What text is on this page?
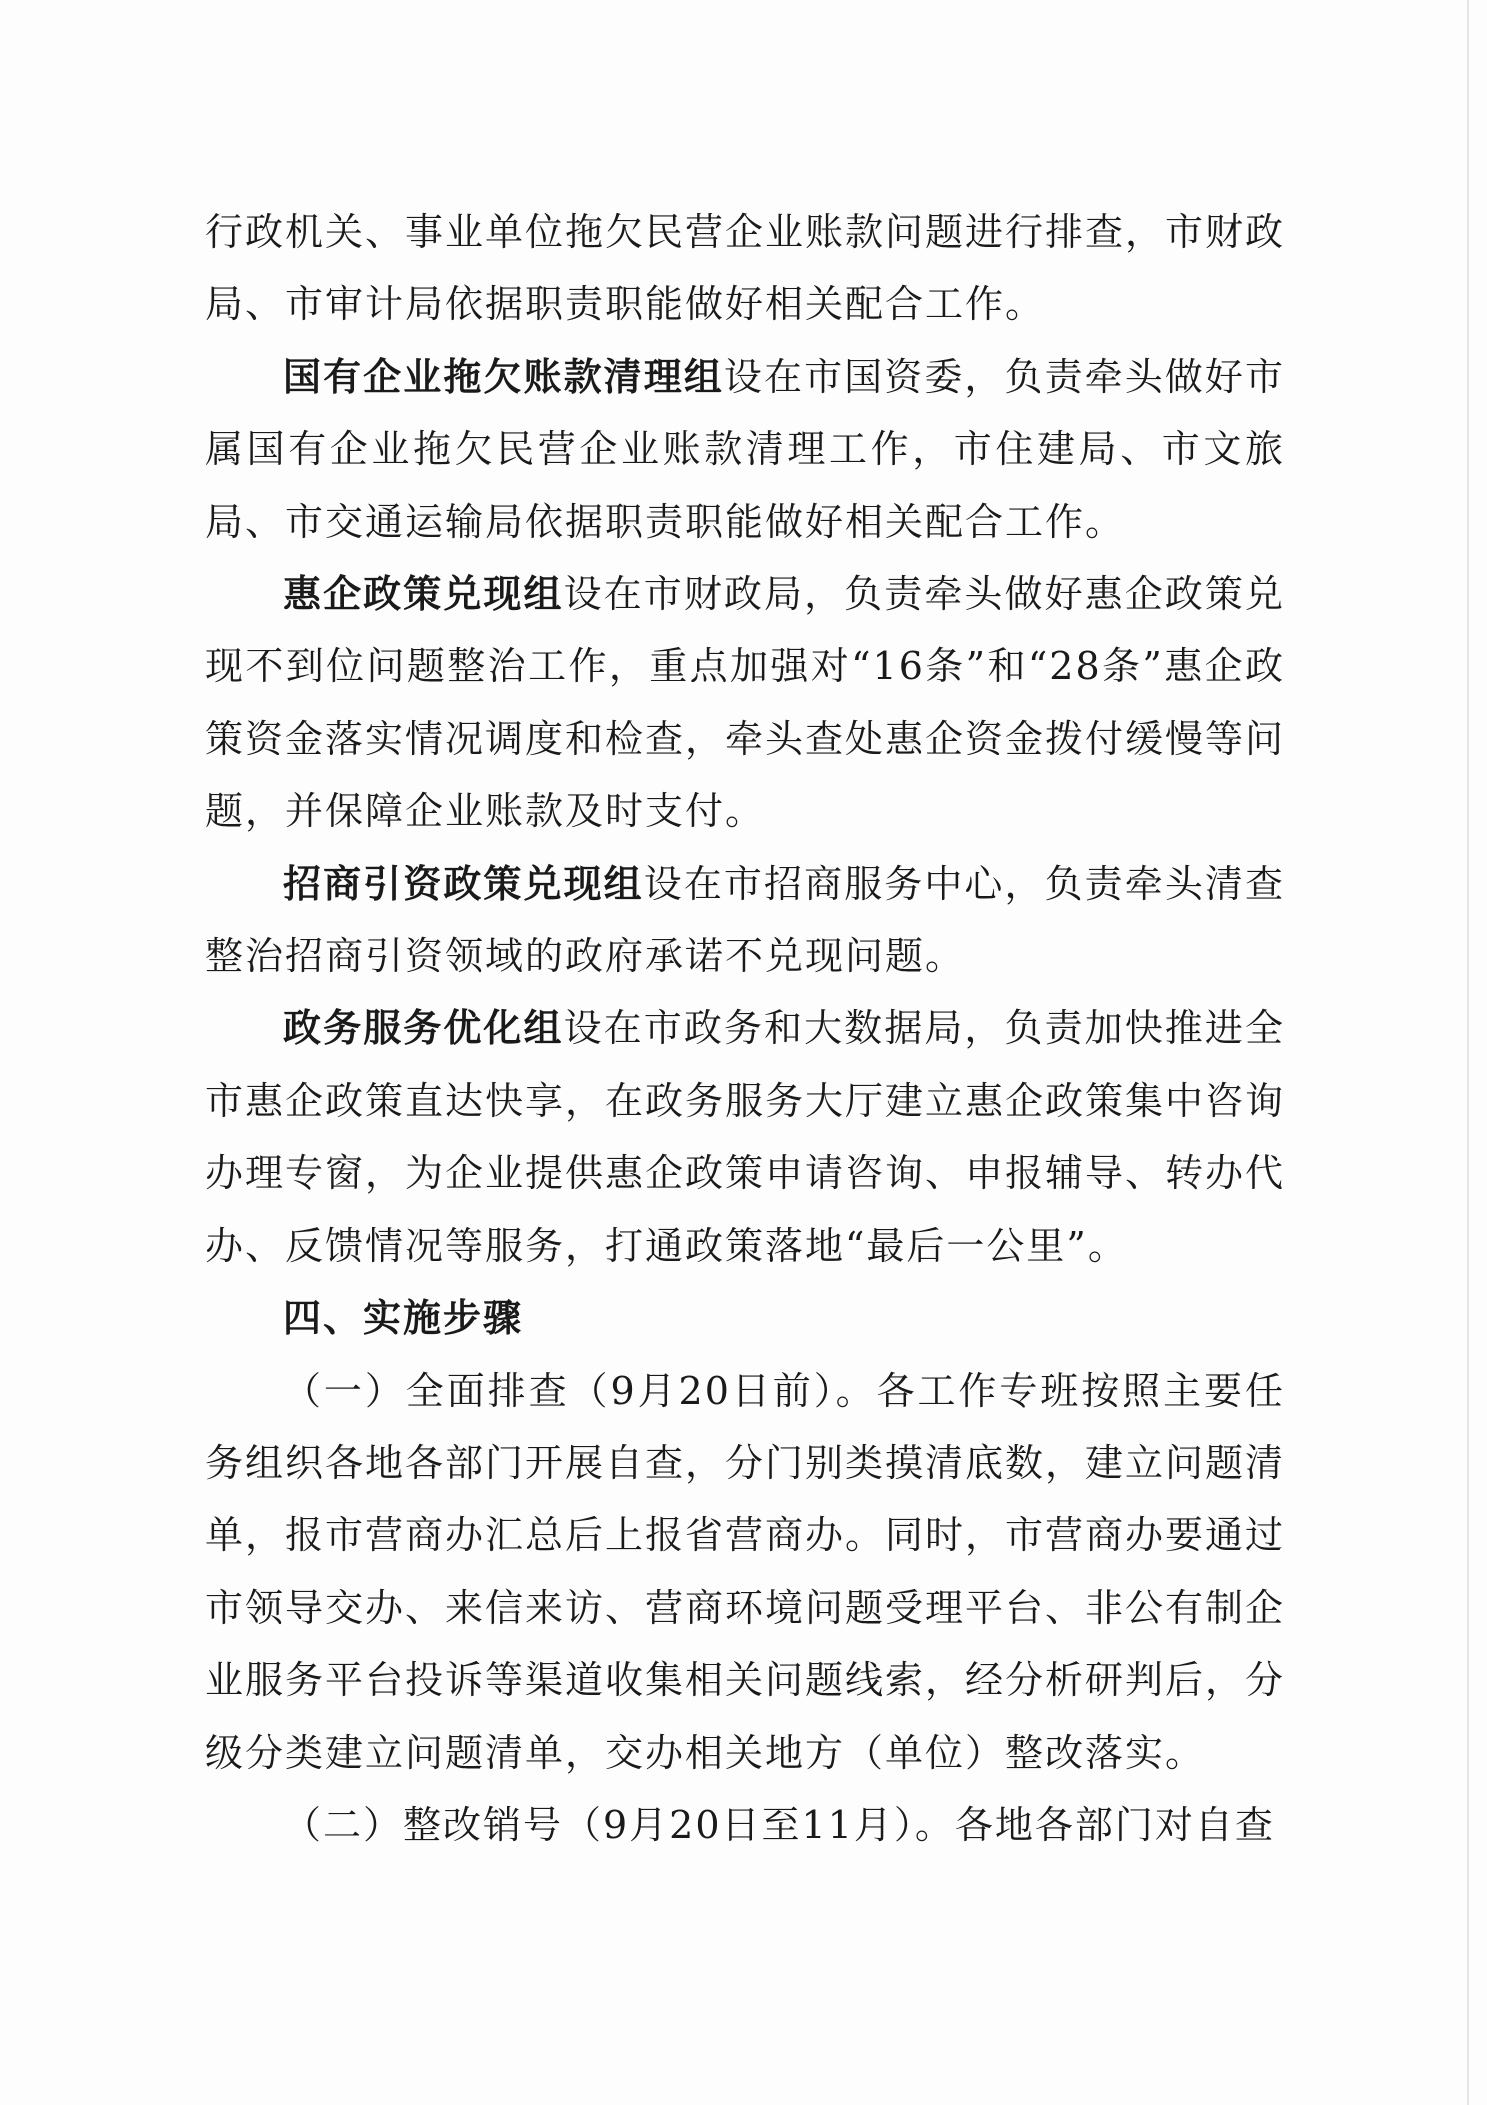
行政机关、事业单位拖欠民营企业账款问题进行排查，市财政局、市审计局依据职责职能做好相关配合工作。

国有企业拖欠账款清理组设在市国资委，负责牵头做好市属国有企业拖欠民营企业账款清理工作，市住建局、市文旅局、市交通运输局依据职责职能做好相关配合工作。

惠企政策兑现组设在市财政局，负责牵头做好惠企政策兑现不到位问题整治工作，重点加强对“16条”和“28条”惠企政策资金落实情况调度和检查，牵头查处惠企资金拨付缓慢等问题，并保障企业账款及时支付。

招商引资政策兑现组设在市招商服务中心，负责牵头清查整治招商引资领域的政府承诺不兑现问题。

政务服务优化组设在市政务和大数据局，负责加快推进全市惠企政策直达快享，在政务服务大厅建立惠企政策集中咨询办理专窗，为企业提供惠企政策申请咨询、申报辅导、转办代办、反馈情况等服务，打通政策落地“最后一公里”。

四、实施步骤

（一）全面排查（9月20日前）。各工作专班按照主要任务组织各地各部门开展自查，分门别类摸清底数，建立问题清单，报市营商办汇总后上报省营商办。同时，市营商办要通过市领导交办、来信来访、营商环境问题受理平台、非公有制企业服务平台投诉等渠道收集相关问题线索，经分析研判后，分级分类建立问题清单，交办相关地方（单位）整改落实。

（二）整改销号（9月20日至11月）。各地各部门对自查
